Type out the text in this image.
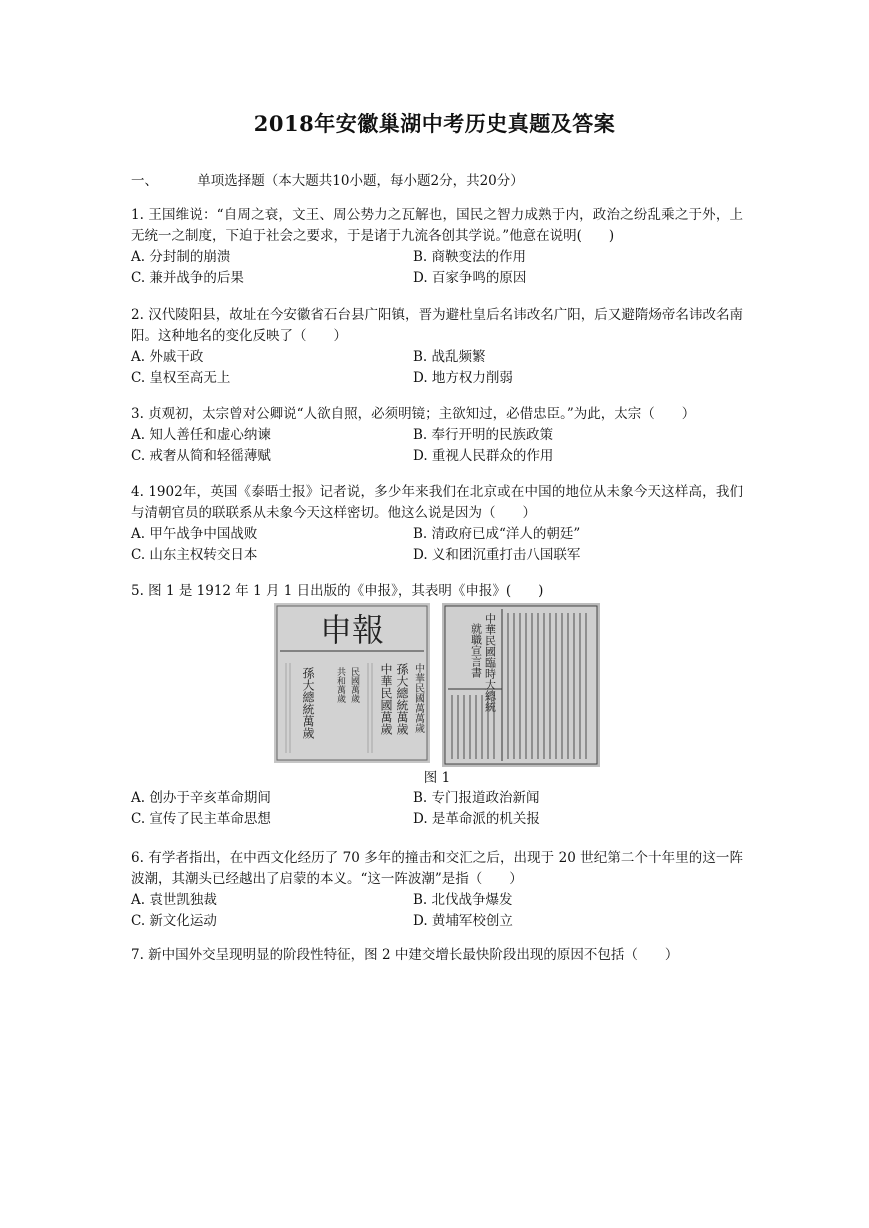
2018年安徽巢湖中考历史真题及答案
一、	单项选择题（本大题共10小题，每小题2分，共20分）
1. 王国维说：“自周之衰，文王、周公势力之瓦解也，国民之智力成熟于内，政治之纷乱乘之于外，上无统一之制度，下迫于社会之要求，于是诸于九流各创其学说。”他意在说明(　　)
A. 分封制的崩溃	B. 商鞅变法的作用
C. 兼并战争的后果	D. 百家争鸣的原因
2. 汉代陵阳县，故址在今安徽省石台县广阳镇，晋为避杜皇后名讳改名广阳，后又避隋炀帝名讳改名南阳。这种地名的变化反映了（　　）
A. 外戚干政	B. 战乱频繁
C. 皇权至高无上	D. 地方权力削弱
3. 贞观初，太宗曾对公卿说“人欲自照，必须明镜；主欲知过，必借忠臣。”为此，太宗（　　）
A. 知人善任和虚心纳谏	B. 奉行开明的民族政策
C. 戒奢从简和轻徭薄赋	D. 重视人民群众的作用
4. 1902年，英国《泰晤士报》记者说，多少年来我们在北京或在中国的地位从未象今天这样高，我们与清朝官员的联联系从未象今天这样密切。他这么说是因为（　　）
A. 甲午战争中国战败	B. 清政府已成“洋人的朝廷”
C. 山东主权转交日本	D. 义和团沉重打击八国联军
5. 图 1 是 1912 年 1 月 1 日出版的《申报》，其表明《申报》(　　)
申報
孫大總統萬歲 共和萬歲 民國萬歲 中華民國萬歲 孫大總統萬歲 中華民國萬萬歲	中華民國臨時大總統
就職宣言書
图 1
A. 创办于辛亥革命期间	B. 专门报道政治新闻
C. 宣传了民主革命思想	D. 是革命派的机关报
6. 有学者指出，在中西文化经历了 70 多年的撞击和交汇之后，出现于 20 世纪第二个十年里的这一阵波潮，其潮头已经越出了启蒙的本义。“这一阵波潮”是指（　　）
A. 袁世凯独裁	B. 北伐战争爆发
C. 新文化运动	D. 黄埔军校创立
7. 新中国外交呈现明显的阶段性特征，图 2 中建交增长最快阶段出现的原因不包括（　　）
